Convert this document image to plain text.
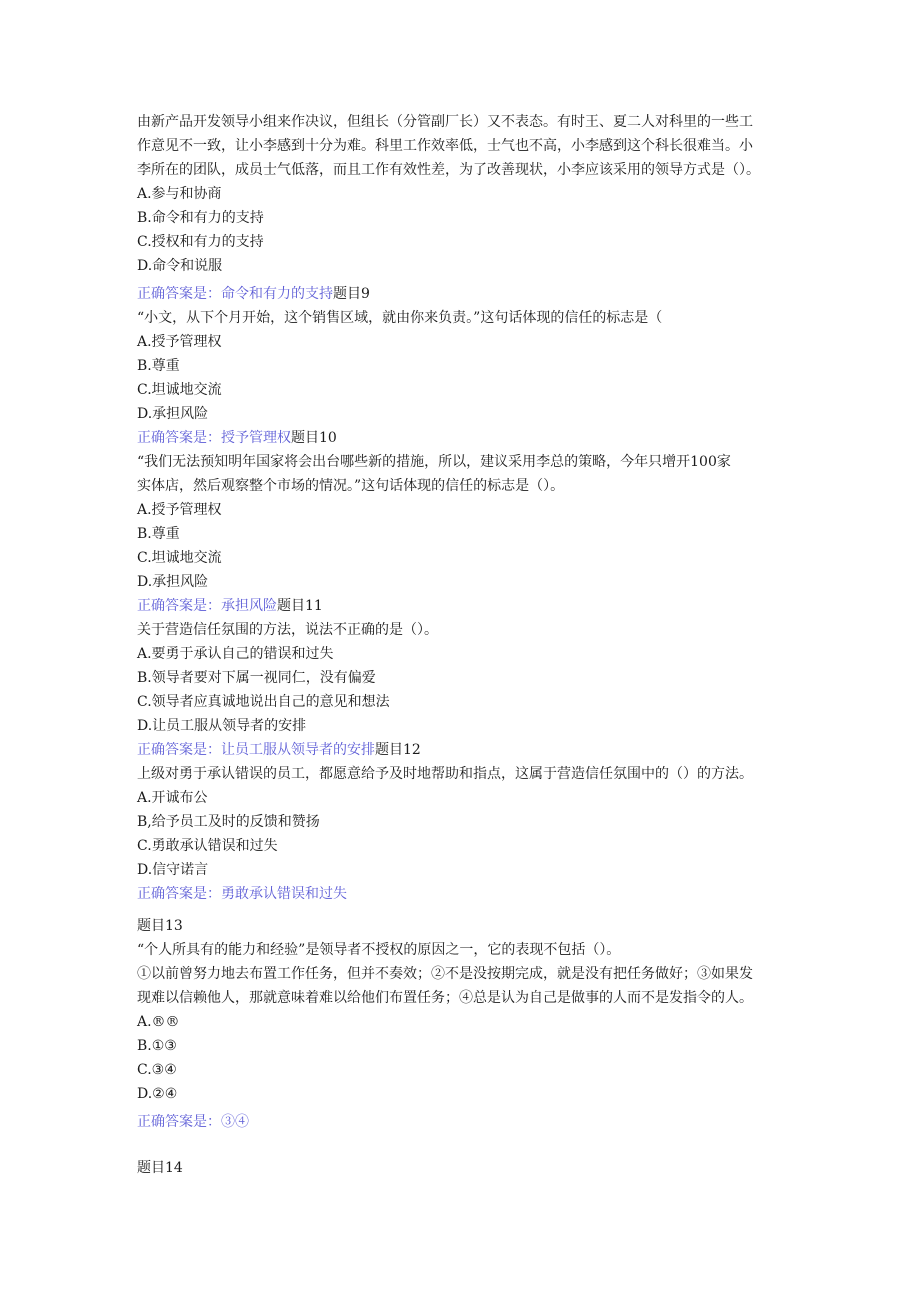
由新产品开发领导小组来作决议，但组长（分管副厂长）又不表态。有时王、夏二人对科里的一些工
作意见不一致，让小李感到十分为难。科里工作效率低，士气也不高，小李感到这个科长很难当。小
李所在的团队，成员士气低落，而且工作有效性差，为了改善现状，小李应该采用的领导方式是（）。
A.参与和协商
B.命令和有力的支持
C.授权和有力的支持
D.命令和说服
正确答案是：命令和有力的支持题目9
“小文，从下个月开始，这个销售区域，就由你来负责。”这句话体现的信任的标志是（
A.授予管理权
B.尊重
C.坦诚地交流
D.承担风险
正确答案是：授予管理权题目10
“我们无法预知明年国家将会出台哪些新的措施，所以，建议采用李总的策略，今年只增开100家
实体店，然后观察整个市场的情况。”这句话体现的信任的标志是（）。
A.授予管理权
B.尊重
C.坦诚地交流
D.承担风险
正确答案是：承担风险题目11
关于营造信任氛围的方法，说法不正确的是（）。
A.要勇于承认自己的错误和过失
B.领导者要对下属一视同仁，没有偏爱
C.领导者应真诚地说出自己的意见和想法
D.让员工服从领导者的安排
正确答案是：让员工服从领导者的安排题目12
上级对勇于承认错误的员工，都愿意给予及时地帮助和指点，这属于营造信任氛围中的（）的方法。
A.开诚布公
B,给予员工及时的反馈和赞扬
C.勇敢承认错误和过失
D.信守诺言
正确答案是：勇敢承认错误和过失
题目13
“个人所具有的能力和经验”是领导者不授权的原因之一，它的表现不包括（）。
①以前曾努力地去布置工作任务，但并不奏效；②不是没按期完成，就是没有把任务做好；③如果发
现难以信赖他人，那就意味着难以给他们布置任务；④总是认为自己是做事的人而不是发指令的人。
A.®®
B.①③
C.③④
D.②④
正确答案是：③④
题目14
